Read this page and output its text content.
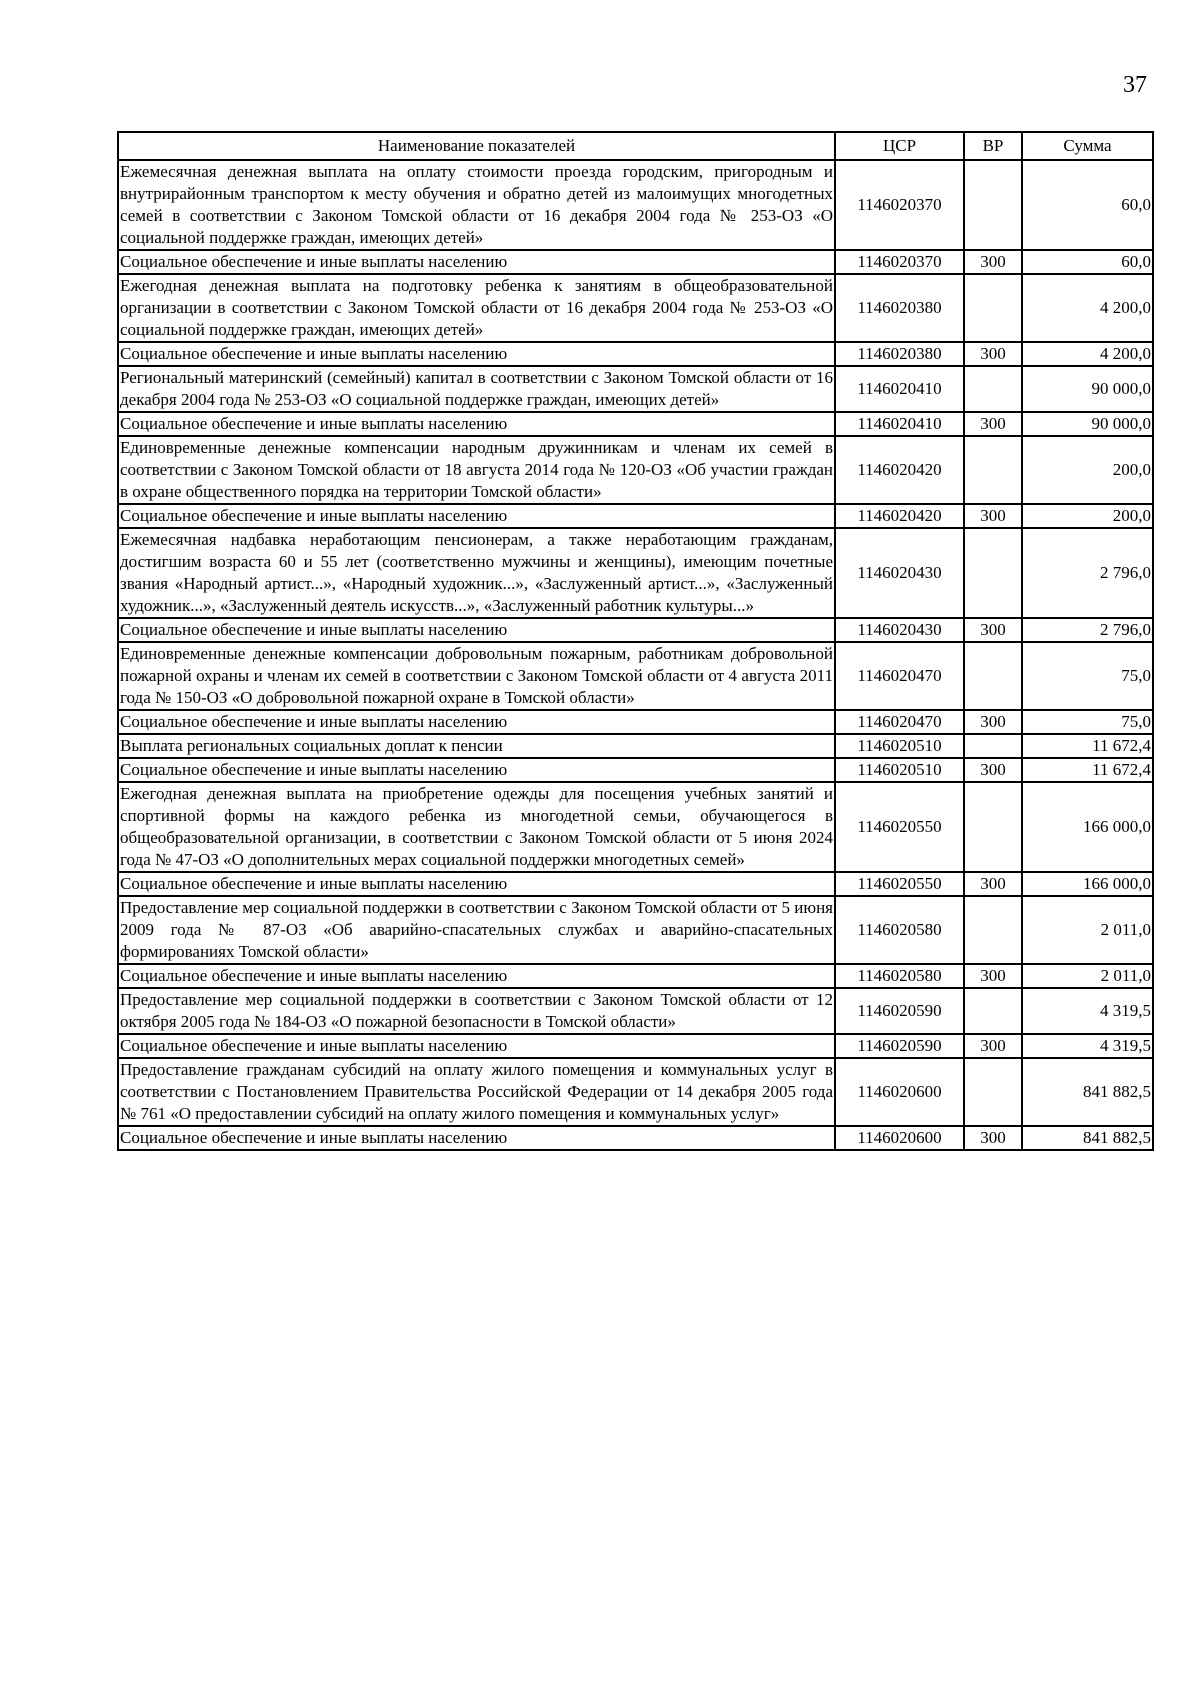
37
Наименование показателей	ЦСР	ВР	Сумма
Ежемесячная денежная выплата на оплату стоимости проезда городским, пригородным и внутрирайонным транспортом к месту обучения и обратно детей из малоимущих многодетных семей в соответствии с Законом Томской области от 16 декабря 2004 года № 253-ОЗ «О социальной поддержке граждан, имеющих детей»	1146020370		60,0
Социальное обеспечение и иные выплаты населению	1146020370	300	60,0
Ежегодная денежная выплата на подготовку ребенка к занятиям в общеобразовательной организации в соответствии с Законом Томской области от 16 декабря 2004 года № 253-ОЗ «О социальной поддержке граждан, имеющих детей»	1146020380		4 200,0
Социальное обеспечение и иные выплаты населению	1146020380	300	4 200,0
Региональный материнский (семейный) капитал в соответствии с Законом Томской области от 16 декабря 2004 года № 253-ОЗ «О социальной поддержке граждан, имеющих детей»	1146020410		90 000,0
Социальное обеспечение и иные выплаты населению	1146020410	300	90 000,0
Единовременные денежные компенсации народным дружинникам и членам их семей в соответствии с Законом Томской области от 18 августа 2014 года № 120-ОЗ «Об участии граждан в охране общественного порядка на территории Томской области»	1146020420		200,0
Социальное обеспечение и иные выплаты населению	1146020420	300	200,0
Ежемесячная надбавка неработающим пенсионерам, а также неработающим гражданам, достигшим возраста 60 и 55 лет (соответственно мужчины и женщины), имеющим почетные звания «Народный артист...», «Народный художник...», «Заслуженный артист...», «Заслуженный художник...», «Заслуженный деятель искусств...», «Заслуженный работник культуры...»	1146020430		2 796,0
Социальное обеспечение и иные выплаты населению	1146020430	300	2 796,0
Единовременные денежные компенсации добровольным пожарным, работникам добровольной пожарной охраны и членам их семей в соответствии с Законом Томской области от 4 августа 2011 года № 150-ОЗ «О добровольной пожарной охране в Томской области»	1146020470		75,0
Социальное обеспечение и иные выплаты населению	1146020470	300	75,0
Выплата региональных социальных доплат к пенсии	1146020510		11 672,4
Социальное обеспечение и иные выплаты населению	1146020510	300	11 672,4
Ежегодная денежная выплата на приобретение одежды для посещения учебных занятий и спортивной формы на каждого ребенка из многодетной семьи, обучающегося в общеобразовательной организации, в соответствии с Законом Томской области от 5 июня 2024 года № 47-ОЗ «О дополнительных мерах социальной поддержки многодетных семей»	1146020550		166 000,0
Социальное обеспечение и иные выплаты населению	1146020550	300	166 000,0
Предоставление мер социальной поддержки в соответствии с Законом Томской области от 5 июня 2009 года № 87-ОЗ «Об аварийно-спасательных службах и аварийно-спасательных формированиях Томской области»	1146020580		2 011,0
Социальное обеспечение и иные выплаты населению	1146020580	300	2 011,0
Предоставление мер социальной поддержки в соответствии с Законом Томской области от 12 октября 2005 года № 184-ОЗ «О пожарной безопасности в Томской области»	1146020590		4 319,5
Социальное обеспечение и иные выплаты населению	1146020590	300	4 319,5
Предоставление гражданам субсидий на оплату жилого помещения и коммунальных услуг в соответствии с Постановлением Правительства Российской Федерации от 14 декабря 2005 года № 761 «О предоставлении субсидий на оплату жилого помещения и коммунальных услуг»	1146020600		841 882,5
Социальное обеспечение и иные выплаты населению	1146020600	300	841 882,5
